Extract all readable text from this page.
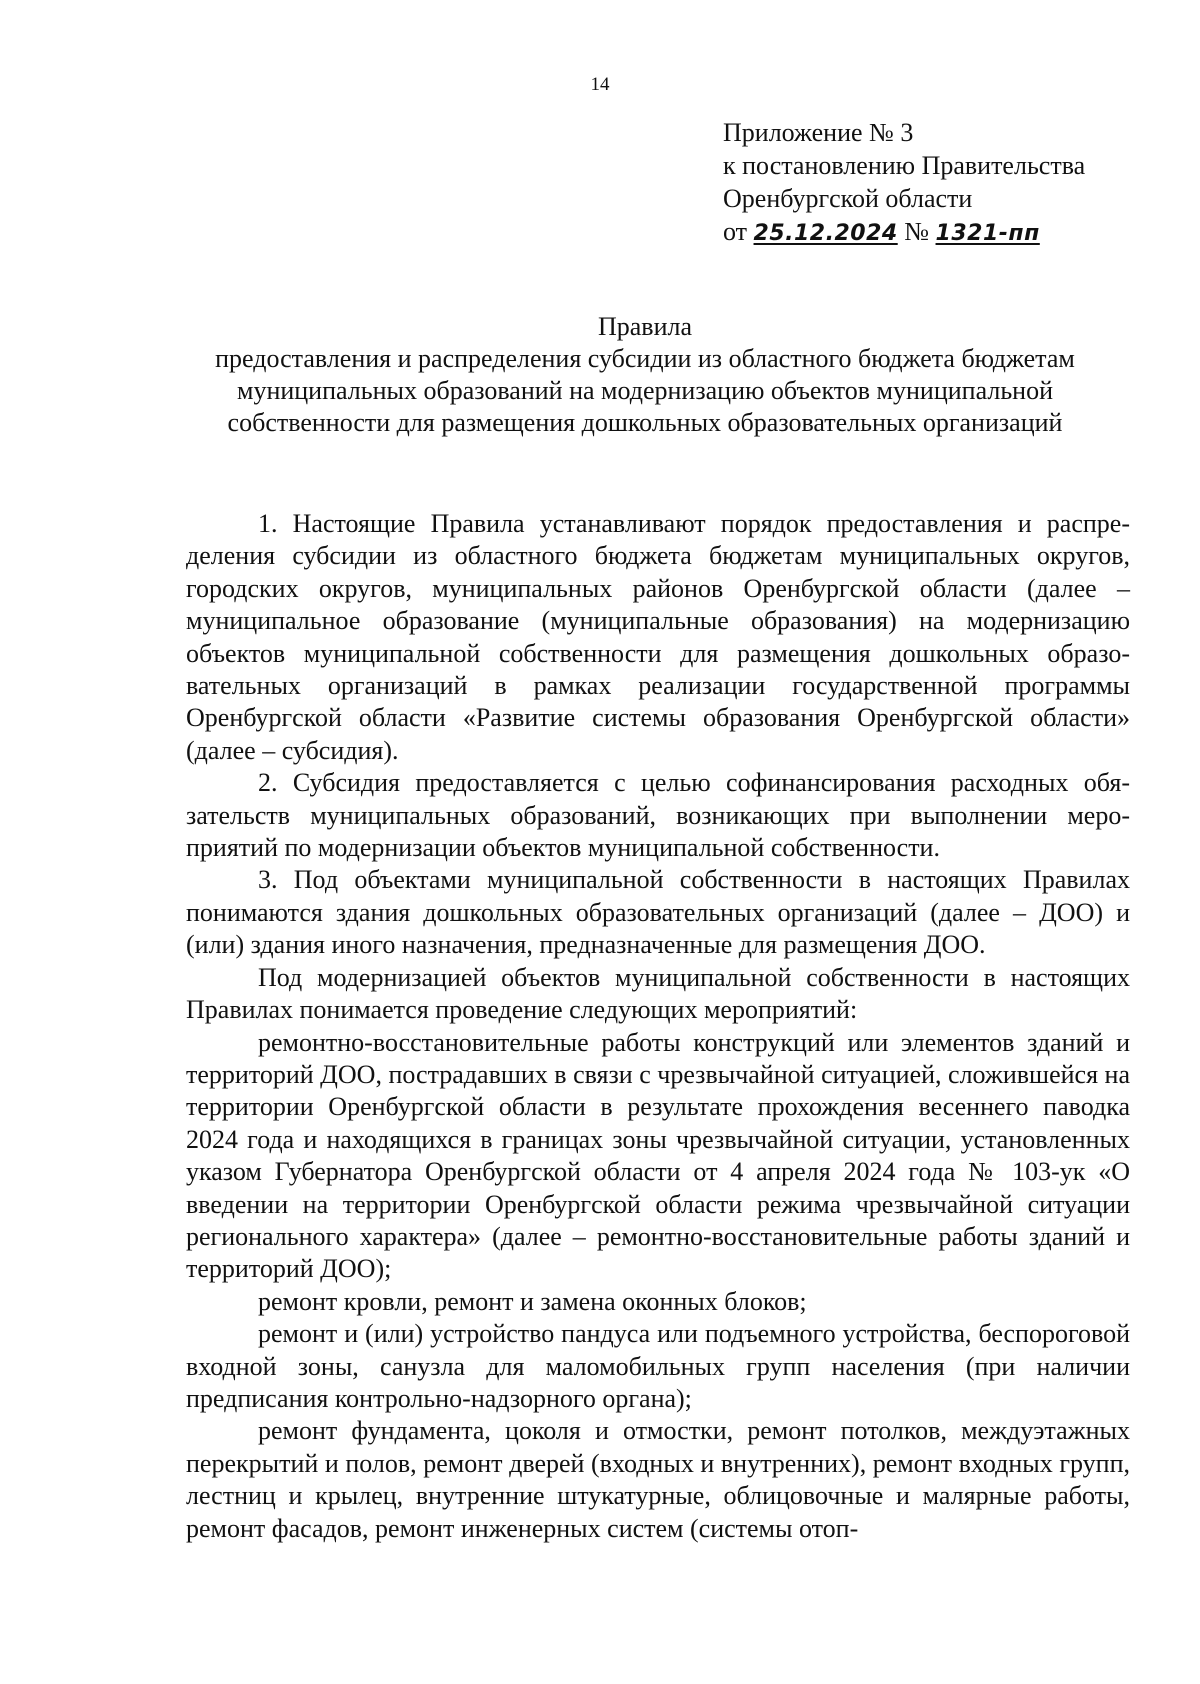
14
Приложение № 3
к постановлению Правительства
Оренбургской области
от 25.12.2024 № 1321-пп
Правила
предоставления и распределения субсидии из областного бюджета бюджетам
муниципальных образований на модернизацию объектов муниципальной
собственности для размещения дошкольных образовательных организаций

1. Настоящие Правила устанавливают порядок предоставления и распределения субсидии из областного бюджета бюджетам муниципальных округов, городских округов, муниципальных районов Оренбургской области (далее – муниципальное образование (муниципальные образования) на модернизацию объектов муниципальной собственности для размещения дошкольных образовательных организаций в рамках реализации государственной программы Оренбургской области «Развитие системы образования Оренбургской области» (далее – субсидия).

2. Субсидия предоставляется с целью софинансирования расходных обязательств муниципальных образований, возникающих при выполнении мероприятий по модернизации объектов муниципальной собственности.

3. Под объектами муниципальной собственности в настоящих Правилах понимаются здания дошкольных образовательных организаций (далее – ДОО) и (или) здания иного назначения, предназначенные для размещения ДОО.

Под модернизацией объектов муниципальной собственности в настоящих Правилах понимается проведение следующих мероприятий:

ремонтно-восстановительные работы конструкций или элементов зданий и территорий ДОО, пострадавших в связи с чрезвычайной ситуацией, сложившейся на территории Оренбургской области в результате прохождения весеннего паводка 2024 года и находящихся в границах зоны чрезвычайной ситуации, установленных указом Губернатора Оренбургской области от 4 апреля 2024 года № 103-ук «О введении на территории Оренбургской области режима чрезвычайной ситуации регионального характера» (далее – ремонтно-восстановительные работы зданий и территорий ДОО);

ремонт кровли, ремонт и замена оконных блоков;

ремонт и (или) устройство пандуса или подъемного устройства, беспороговой входной зоны, санузла для маломобильных групп населения (при наличии предписания контрольно-надзорного органа);

ремонт фундамента, цоколя и отмостки, ремонт потолков, междуэтажных перекрытий и полов, ремонт дверей (входных и внутренних), ремонт входных групп, лестниц и крылец, внутренние штукатурные, облицовочные и малярные работы, ремонт фасадов, ремонт инженерных систем (системы отоп-
